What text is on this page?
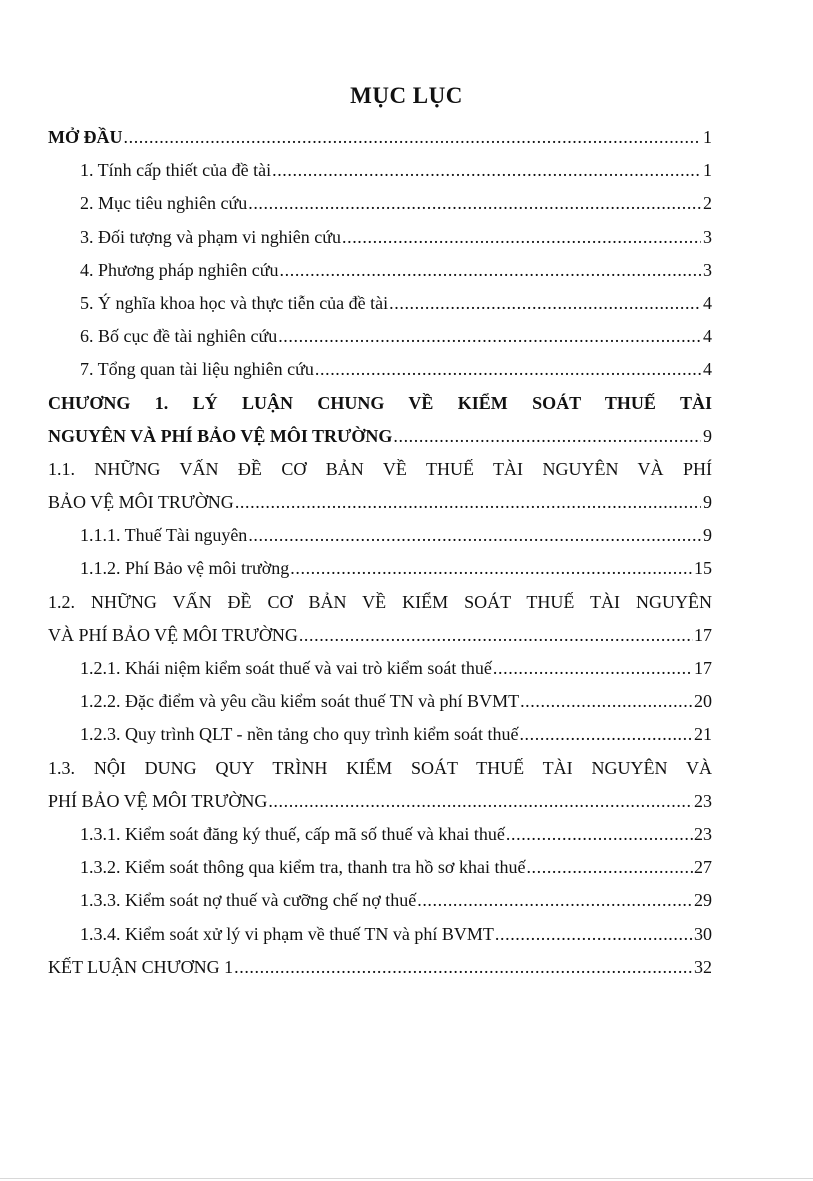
MỤC LỤC
MỞ ĐẦU .....	1
1. Tính cấp thiết của đề tài .....	1
2. Mục tiêu nghiên cứu .....	2
3. Đối tượng và phạm vi nghiên cứu .....	3
4. Phương pháp nghiên cứu .....	3
5. Ý nghĩa khoa học và thực tiễn của đề tài .....	4
6. Bố cục đề tài nghiên cứu .....	4
7. Tổng quan tài liệu nghiên cứu .....	4
CHƯƠNG 1. LÝ LUẬN CHUNG VỀ KIỂM SOÁT THUẾ TÀI
NGUYÊN VÀ PHÍ BẢO VỆ MÔI TRƯỜNG .....	9
1.1. NHỮNG VẤN ĐỀ CƠ BẢN VỀ THUẾ TÀI NGUYÊN VÀ PHÍ
BẢO VỆ MÔI TRƯỜNG .....	9
1.1.1. Thuế Tài nguyên .....	9
1.1.2. Phí Bảo vệ môi trường .....	15
1.2. NHỮNG VẤN ĐỀ CƠ BẢN VỀ KIỂM SOÁT THUẾ TÀI NGUYÊN
VÀ PHÍ BẢO VỆ MÔI TRƯỜNG .....	17
1.2.1. Khái niệm kiểm soát thuế và vai trò kiểm soát thuế .....	17
1.2.2. Đặc điểm và yêu cầu kiểm soát thuế TN và phí BVMT .....	20
1.2.3. Quy trình QLT - nền tảng cho quy trình kiểm soát thuế .....	21
1.3. NỘI DUNG QUY TRÌNH KIỂM SOÁT THUẾ TÀI NGUYÊN VÀ
PHÍ BẢO VỆ MÔI TRƯỜNG .....	23
1.3.1. Kiểm soát đăng ký thuế, cấp mã số thuế và khai thuế .....	23
1.3.2. Kiểm soát thông qua kiểm tra, thanh tra hồ sơ khai thuế .....	27
1.3.3. Kiểm soát nợ thuế và cưỡng chế nợ thuế .....	29
1.3.4. Kiểm soát xử lý vi phạm về thuế TN và phí BVMT .....	30
KẾT LUẬN CHƯƠNG 1 .....	32
